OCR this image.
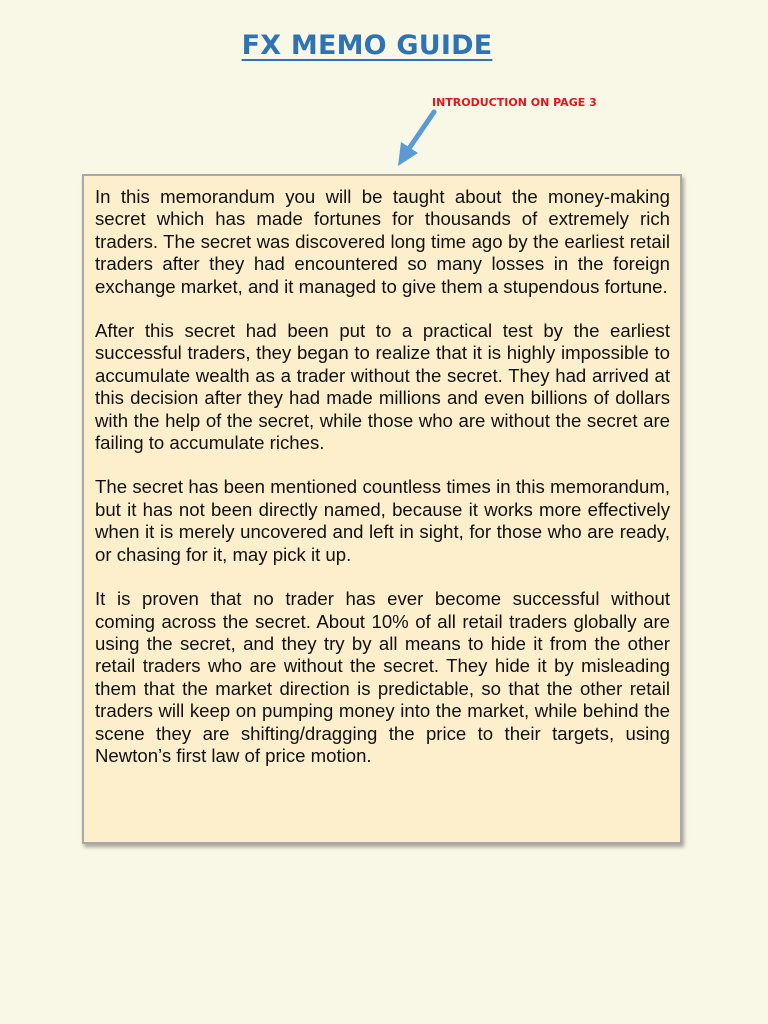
FX MEMO GUIDE
INTRODUCTION ON PAGE 3

In this memorandum you will be taught about the money-making secret which has made fortunes for thousands of extremely rich traders. The secret was discovered long time ago by the earliest retail traders after they had encountered so many losses in the foreign exchange market, and it managed to give them a stupendous fortune.

After this secret had been put to a practical test by the earliest successful traders, they began to realize that it is highly impossible to accumulate wealth as a trader without the secret. They had arrived at this decision after they had made millions and even billions of dollars with the help of the secret, while those who are without the secret are failing to accumulate riches.

The secret has been mentioned countless times in this memorandum, but it has not been directly named, because it works more effectively when it is merely uncovered and left in sight, for those who are ready, or chasing for it, may pick it up.

It is proven that no trader has ever become successful without coming across the secret. About 10% of all retail traders globally are using the secret, and they try by all means to hide it from the other retail traders who are without the secret. They hide it by misleading them that the market direction is predictable, so that the other retail traders will keep on pumping money into the market, while behind the scene they are shifting/dragging the price to their targets, using Newton’s first law of price motion.
